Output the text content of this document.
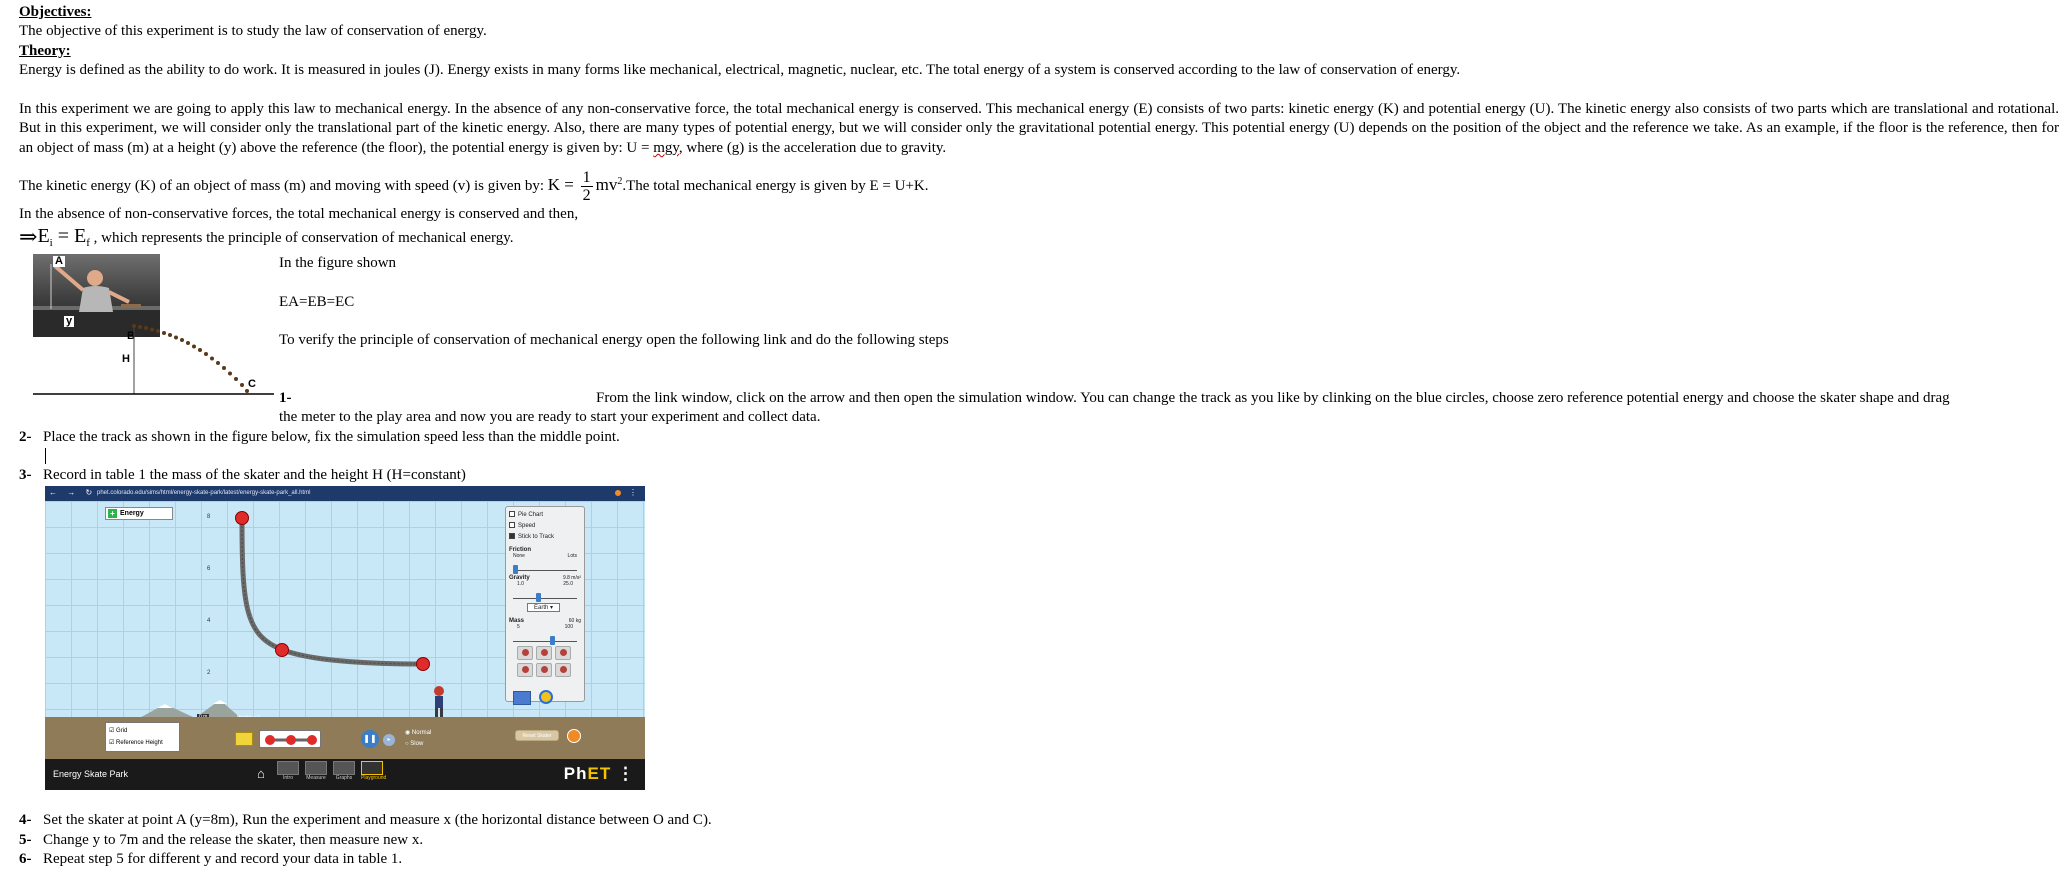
Objectives:
The objective of this experiment is to study the law of conservation of energy.
Theory:
Energy is defined as the ability to do work. It is measured in joules (J). Energy exists in many forms like mechanical, electrical, magnetic, nuclear, etc. The total energy of a system is conserved according to the law of conservation of energy.
In this experiment we are going to apply this law to mechanical energy. In the absence of any non-conservative force, the total mechanical energy is conserved. This mechanical energy (E) consists of two parts: kinetic energy (K) and potential energy (U). The kinetic energy also consists of two parts which are translational and rotational. But in this experiment, we will consider only the translational part of the kinetic energy. Also, there are many types of potential energy, but we will consider only the gravitational potential energy. This potential energy (U) depends on the position of the object and the reference we take. As an example, if the floor is the reference, then for an object of mass (m) at a height (y) above the reference (the floor), the potential energy is given by: U = mgy, where (g) is the acceleration due to gravity.
The kinetic energy (K) of an object of mass (m) and moving with speed (v) is given by: $K = \frac{1}{2} mv^2.The$ total mechanical energy is given by E = U+K.
In the absence of non-conservative forces, the total mechanical energy is conserved and then,
$\Rightarrow E_i = E_f$ , which represents the principle of conservation of mechanical energy.
A
y
B
H
C
In the figure shown
EA=EB=EC
To verify the principle of conservation of mechanical energy open the following link and do the following steps
1-	From the link window, click on the arrow and then open the simulation window. You can change the track as you like by clinking on the blue circles, choose zero reference potential energy and choose the skater shape and drag
the meter to the play area and now you are ready to start your experiment and collect data.
2- Place the track as shown in the figure below, fix the simulation speed less than the middle point.
3- Record in table 1 the mass of the skater and the height H (H=constant)
← → ↻ phet.colorado.edu/sims/html/energy-skate-park/latest/energy-skate-park_all.html	⋮
8
6
4
2
+ Energy	Pie Chart
Speed
Stick to Track
Friction
None	Lots
Gravity	9.8 m/s²
1.0	25.0
Earth ▾
Mass	60 kg
5	100
☑ Grid
☑ Reference Height	❚❚	▸
◉ Normal
○ Slow
Reset Skater
Energy Skate Park	⌂	Intro	Measure	Graphs	Playground	PhET ⋮
4- Set the skater at point A (y=8m), Run the experiment and measure x (the horizontal distance between O and C).
5- Change y to 7m and the release the skater, then measure new x.
6- Repeat step 5 for different y and record your data in table 1.
